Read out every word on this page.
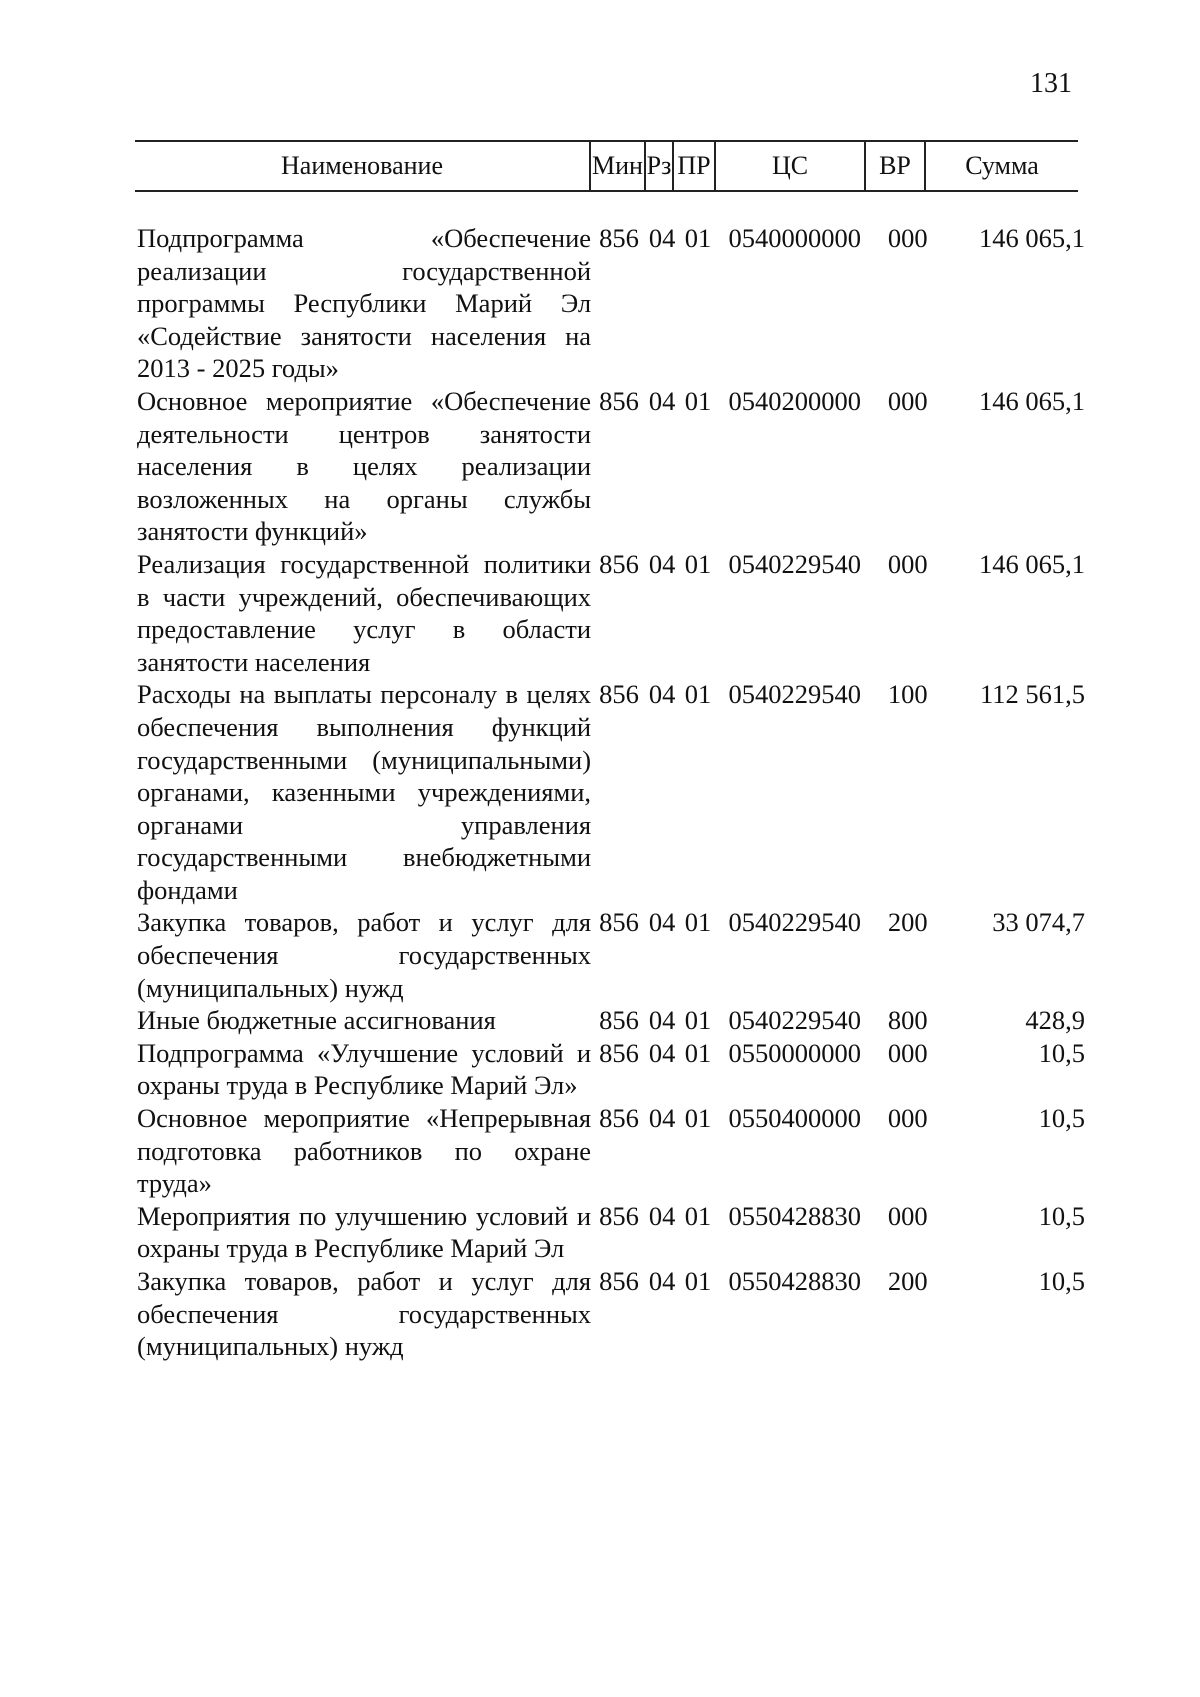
131
Наименование	Мин Рз ПР	ЦС	ВР	Сумма
Подпрограмма «Обеспечение реализации государственной программы Республики Марий Эл «Содействие занятости населения на 2013 - 2025 годы»
856 04 01 0540000000	000	146 065,1
Основное мероприятие «Обеспечение деятельности центров занятости населения в целях реализации возложенных на органы службы занятости функций»
856 04 01 0540200000	000	146 065,1
Реализация государственной политики в части учреждений, обеспечивающих предоставление услуг в области занятости населения
856 04 01 0540229540	000	146 065,1
Расходы на выплаты персоналу в целях обеспечения выполнения функций государственными (муниципальными) органами, казенными учреждениями, органами управления государственными внебюджетными фондами
856 04 01 0540229540	100	112 561,5
Закупка товаров, работ и услуг для обеспечения государственных (муниципальных) нужд
856 04 01 0540229540	200	33 074,7
Иные бюджетные ассигнования	856 04 01 0540229540	800	428,9
Подпрограмма «Улучшение условий и охраны труда в Республике Марий Эл»
856 04 01 0550000000	000	10,5
Основное мероприятие «Непрерывная подготовка работников по охране труда»
856 04 01 0550400000	000	10,5
Мероприятия по улучшению условий и охраны труда в Республике Марий Эл
856 04 01 0550428830	000	10,5
Закупка товаров, работ и услуг для обеспечения государственных (муниципальных) нужд
856 04 01 0550428830	200	10,5
